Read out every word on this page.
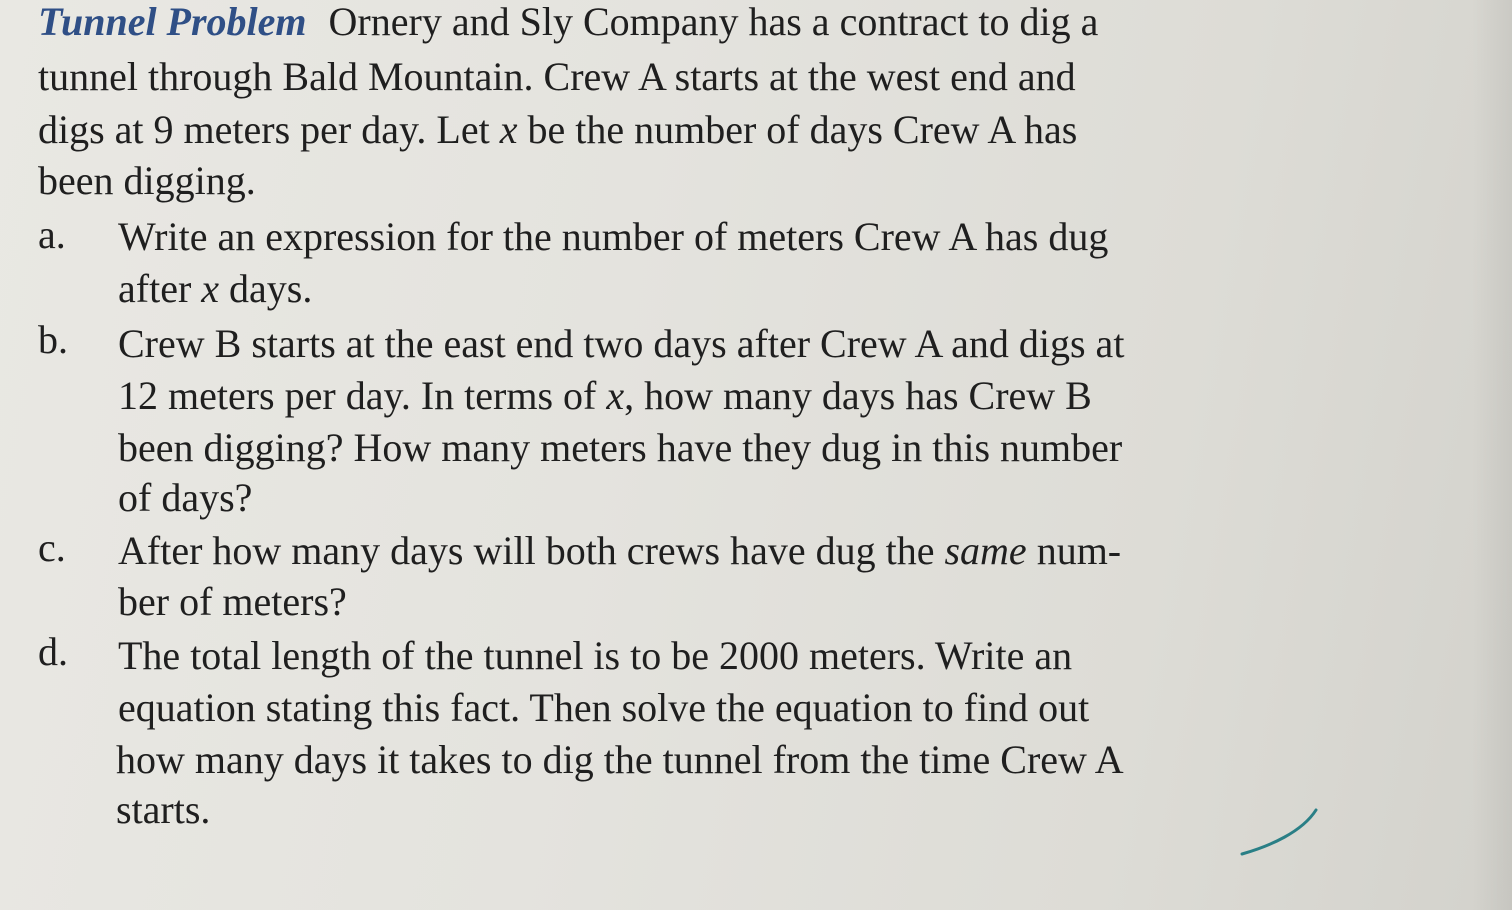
Tunnel Problem Ornery and Sly Company has a contract to dig a
tunnel through Bald Mountain. Crew A starts at the west end and
digs at 9 meters per day. Let x be the number of days Crew A has
been digging.
a. Write an expression for the number of meters Crew A has dug
after x days.
b. Crew B starts at the east end two days after Crew A and digs at
12 meters per day. In terms of x, how many days has Crew B
been digging? How many meters have they dug in this number
of days?
c. After how many days will both crews have dug the same num-
ber of meters?
d. The total length of the tunnel is to be 2000 meters. Write an
equation stating this fact. Then solve the equation to find out
how many days it takes to dig the tunnel from the time Crew A
starts.
